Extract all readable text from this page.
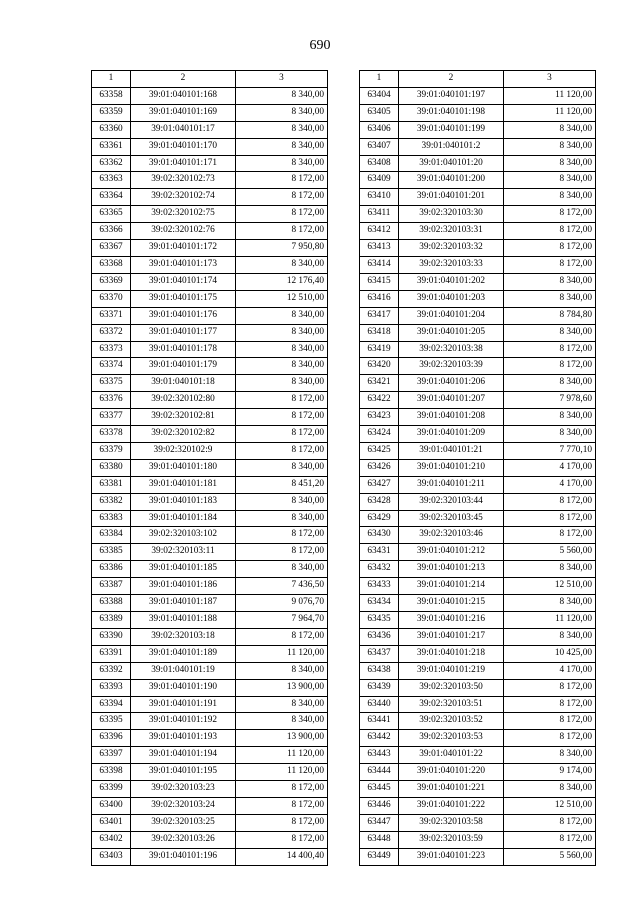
690
1	2	3
63358	39:01:040101:168	8 340,00
63359	39:01:040101:169	8 340,00
63360	39:01:040101:17	8 340,00
63361	39:01:040101:170	8 340,00
63362	39:01:040101:171	8 340,00
63363	39:02:320102:73	8 172,00
63364	39:02:320102:74	8 172,00
63365	39:02:320102:75	8 172,00
63366	39:02:320102:76	8 172,00
63367	39:01:040101:172	7 950,80
63368	39:01:040101:173	8 340,00
63369	39:01:040101:174	12 176,40
63370	39:01:040101:175	12 510,00
63371	39:01:040101:176	8 340,00
63372	39:01:040101:177	8 340,00
63373	39:01:040101:178	8 340,00
63374	39:01:040101:179	8 340,00
63375	39:01:040101:18	8 340,00
63376	39:02:320102:80	8 172,00
63377	39:02:320102:81	8 172,00
63378	39:02:320102:82	8 172,00
63379	39:02:320102:9	8 172,00
63380	39:01:040101:180	8 340,00
63381	39:01:040101:181	8 451,20
63382	39:01:040101:183	8 340,00
63383	39:01:040101:184	8 340,00
63384	39:02:320103:102	8 172,00
63385	39:02:320103:11	8 172,00
63386	39:01:040101:185	8 340,00
63387	39:01:040101:186	7 436,50
63388	39:01:040101:187	9 076,70
63389	39:01:040101:188	7 964,70
63390	39:02:320103:18	8 172,00
63391	39:01:040101:189	11 120,00
63392	39:01:040101:19	8 340,00
63393	39:01:040101:190	13 900,00
63394	39:01:040101:191	8 340,00
63395	39:01:040101:192	8 340,00
63396	39:01:040101:193	13 900,00
63397	39:01:040101:194	11 120,00
63398	39:01:040101:195	11 120,00
63399	39:02:320103:23	8 172,00
63400	39:02:320103:24	8 172,00
63401	39:02:320103:25	8 172,00
63402	39:02:320103:26	8 172,00
63403	39:01:040101:196	14 400,40
1	2	3
63404	39:01:040101:197	11 120,00
63405	39:01:040101:198	11 120,00
63406	39:01:040101:199	8 340,00
63407	39:01:040101:2	8 340,00
63408	39:01:040101:20	8 340,00
63409	39:01:040101:200	8 340,00
63410	39:01:040101:201	8 340,00
63411	39:02:320103:30	8 172,00
63412	39:02:320103:31	8 172,00
63413	39:02:320103:32	8 172,00
63414	39:02:320103:33	8 172,00
63415	39:01:040101:202	8 340,00
63416	39:01:040101:203	8 340,00
63417	39:01:040101:204	8 784,80
63418	39:01:040101:205	8 340,00
63419	39:02:320103:38	8 172,00
63420	39:02:320103:39	8 172,00
63421	39:01:040101:206	8 340,00
63422	39:01:040101:207	7 978,60
63423	39:01:040101:208	8 340,00
63424	39:01:040101:209	8 340,00
63425	39:01:040101:21	7 770,10
63426	39:01:040101:210	4 170,00
63427	39:01:040101:211	4 170,00
63428	39:02:320103:44	8 172,00
63429	39:02:320103:45	8 172,00
63430	39:02:320103:46	8 172,00
63431	39:01:040101:212	5 560,00
63432	39:01:040101:213	8 340,00
63433	39:01:040101:214	12 510,00
63434	39:01:040101:215	8 340,00
63435	39:01:040101:216	11 120,00
63436	39:01:040101:217	8 340,00
63437	39:01:040101:218	10 425,00
63438	39:01:040101:219	4 170,00
63439	39:02:320103:50	8 172,00
63440	39:02:320103:51	8 172,00
63441	39:02:320103:52	8 172,00
63442	39:02:320103:53	8 172,00
63443	39:01:040101:22	8 340,00
63444	39:01:040101:220	9 174,00
63445	39:01:040101:221	8 340,00
63446	39:01:040101:222	12 510,00
63447	39:02:320103:58	8 172,00
63448	39:02:320103:59	8 172,00
63449	39:01:040101:223	5 560,00
